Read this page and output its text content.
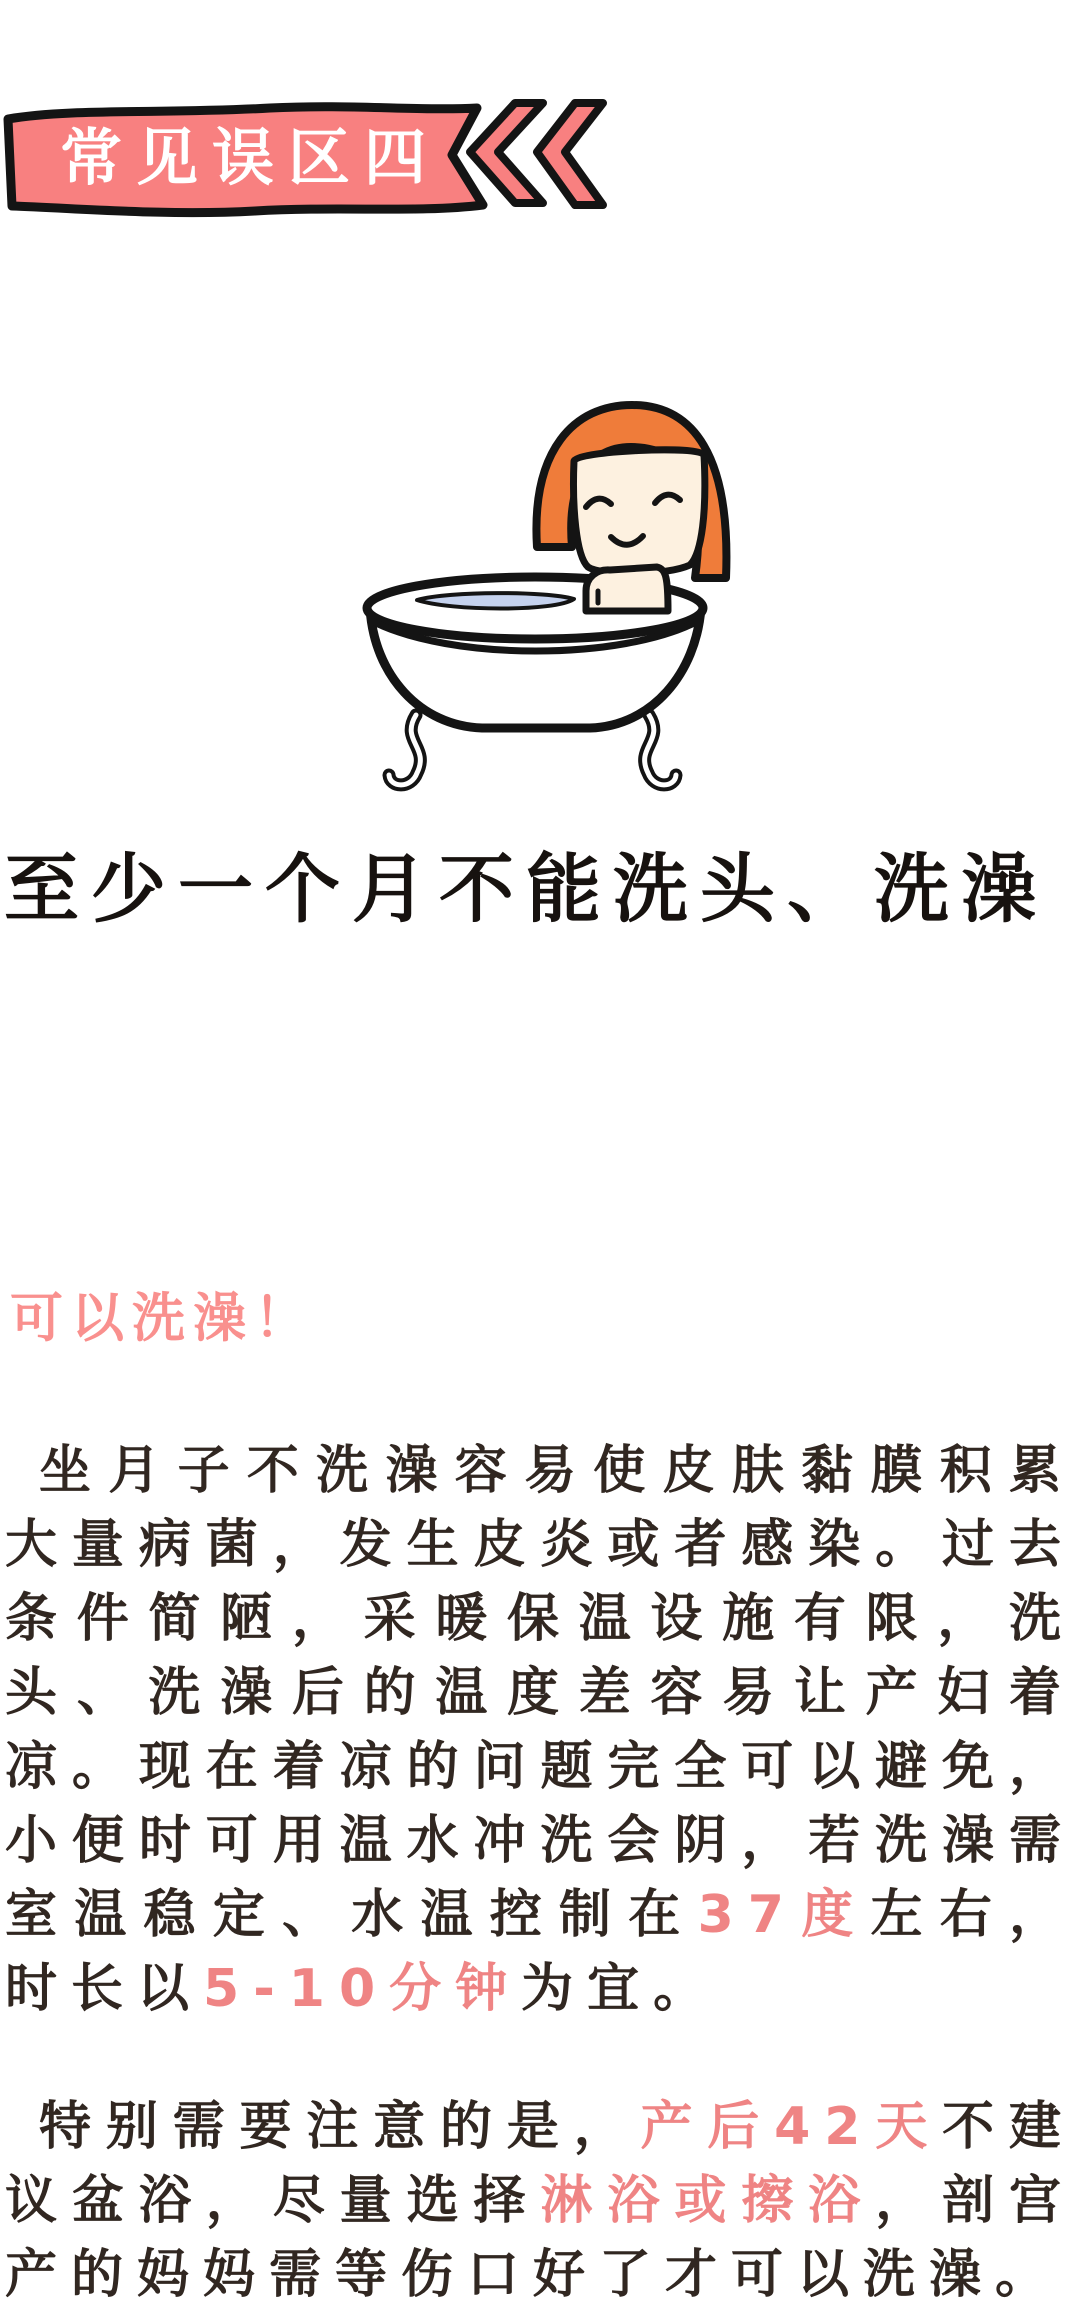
常见误区四
至少一个月不能洗头、洗澡
可以洗澡！

坐月子不洗澡容易使皮肤黏膜积累大量病菌，发生皮炎或者感染。过去条件简陋，采暖保温设施有限，洗头、洗澡后的温度差容易让产妇着凉。现在着凉的问题完全可以避免，小便时可用温水冲洗会阴，若洗澡需室温稳定、水温控制在37度左右，时长以5-10分钟为宜。

特别需要注意的是，产后42天不建议盆浴，尽量选择淋浴或擦浴，剖宫产的妈妈需等伤口好了才可以洗澡。
